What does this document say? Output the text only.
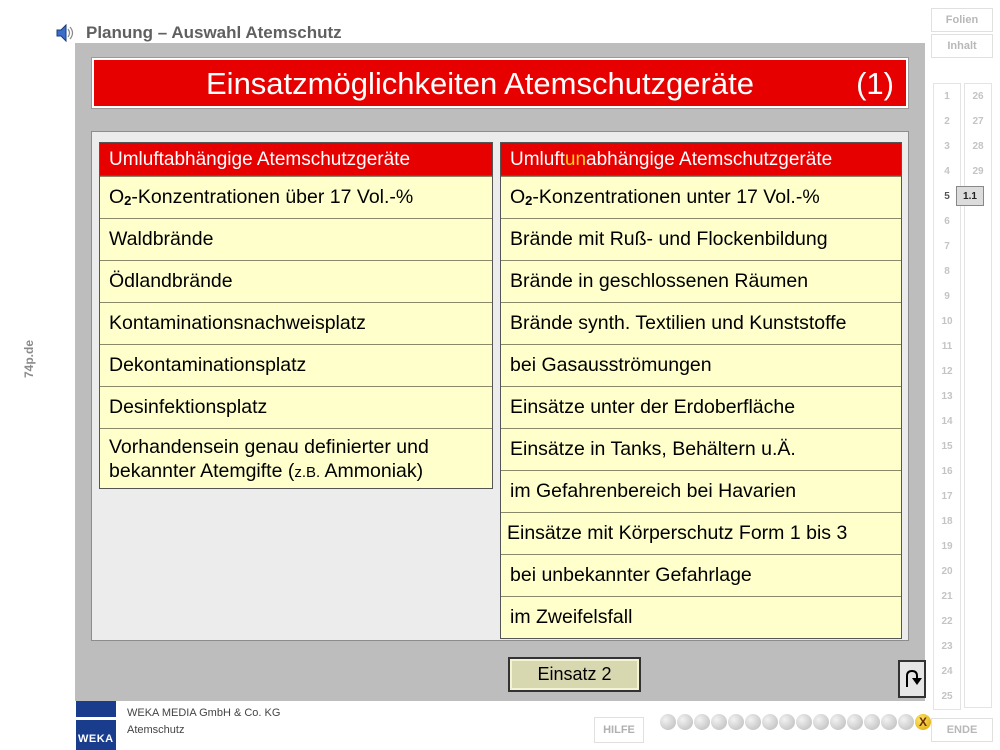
Planung – Auswahl Atemschutz
Einsatzmöglichkeiten Atemschutzgeräte	(1)
Umluftabhängige Atemschutzgeräte
$O_2$ -Konzentrationen über 17 Vol.-%
Waldbrände
Ödlandbrände
Kontaminationsnachweisplatz
Dekontaminationsplatz
Desinfektionsplatz
Vorhandensein genau definierter und bekannter Atemgifte (z.B. Ammoniak)
Umluftunabhängige Atemschutzgeräte
$O_2$ -Konzentrationen unter 17 Vol.-%
Brände mit Ruß- und Flockenbildung
Brände in geschlossenen Räumen
Brände synth. Textilien und Kunststoffe
bei Gasausströmungen
Einsätze unter der Erdoberfläche
Einsätze in Tanks, Behältern u.Ä.
im Gefahrenbereich bei Havarien
Einsätze mit Körperschutz Form 1 bis 3
bei unbekannter Gefahrlage
im Zweifelsfall
Einsatz 2
WEKA
WEKA MEDIA GmbH & Co. KG
Atemschutz	HILFE
X
Folien
Inhalt
ENDE
1
2
3
4
5
6
7
8
9
10
11
12
13
14
15
16
17
18
19
20
21
22
23
24
25
26
27
28
29
1.1
74p.de
